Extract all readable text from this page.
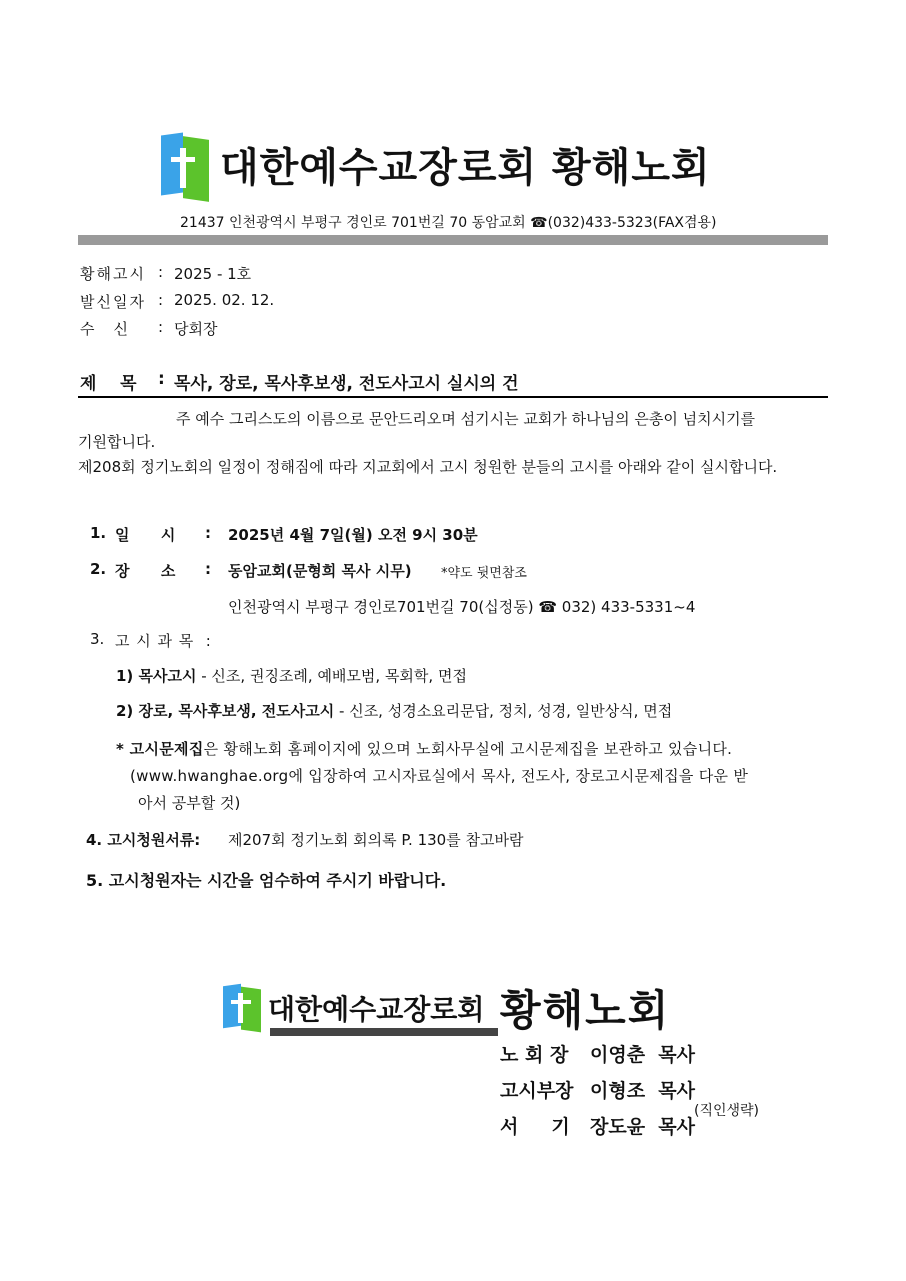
대한예수교장로회 황해노회
21437 인천광역시 부평구 경인로 701번길 70 동암교회 ☎(032)433-5323(FAX겸용)
황해고시 : 2025 - 1호
발신일자 : 2025. 02. 12.
수    신 : 당회장
제    목 : 목사, 장로, 목사후보생, 전도사고시 실시의 건
주 예수 그리스도의 이름으로 문안드리오며 섬기시는 교회가 하나님의 은총이 넘치시기를
기원합니다.
제208회 정기노회의 일정이 정해짐에 따라 지교회에서 고시 청원한 분들의 고시를 아래와 같이 실시합니다.
1. 일      시 : 2025년 4월 7일(월) 오전 9시 30분
2. 장      소 : 동암교회(문형희 목사 시무) *약도 뒷면참조
인천광역시 부평구 경인로701번길 70(십정동) ☎ 032) 433-5331~4
3. 고 시 과 목  :
1) 목사고시 - 신조, 권징조례, 예배모범, 목회학, 면접
2) 장로, 목사후보생, 전도사고시 - 신조, 성경소요리문답, 정치, 성경, 일반상식, 면접
* 고시문제집은 황해노회 홈페이지에 있으며 노회사무실에 고시문제집을 보관하고 있습니다.
(www.hwanghae.org에 입장하여 고시자료실에서 목사, 전도사, 장로고시문제집을 다운 받
아서 공부할 것)
4. 고시청원서류: 제207회 정기노회 회의록 P. 130를 참고바람
5. 고시청원자는 시간을 엄수하여 주시기 바랍니다.
대한예수교장로회 황해노회
노 회 장 이영춘  목사
고시부장 이형조  목사
서     기 장도윤  목사
(직인생략)
